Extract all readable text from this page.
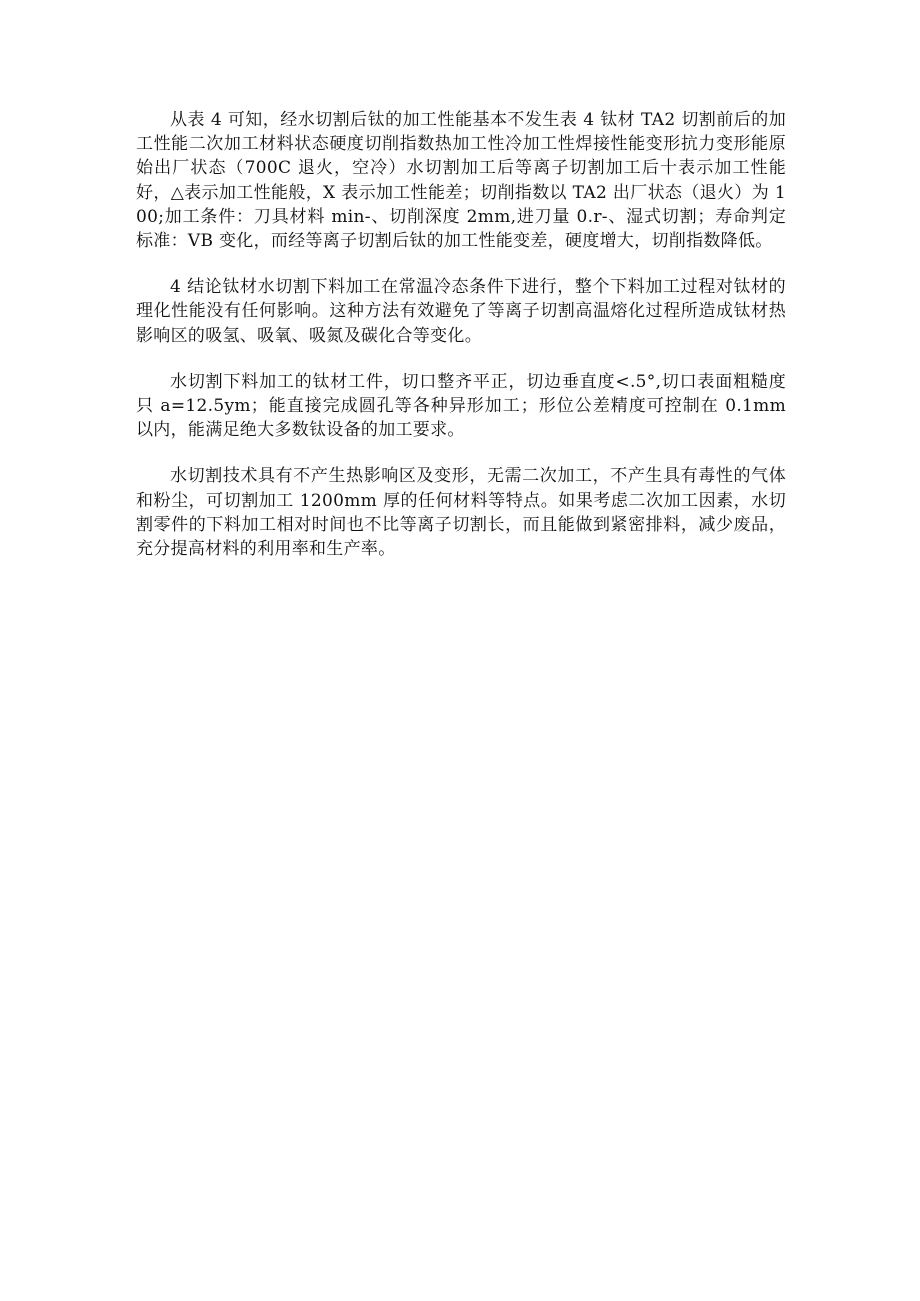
从表 4 可知，经水切割后钛的加工性能基本不发生表 4 钛材 TA2 切割前后的加工性能二次加工材料状态硬度切削指数热加工性冷加工性焊接性能变形抗力变形能原始出厂状态（700C 退火，空冷）水切割加工后等离子切割加工后十表示加工性能好，△表示加工性能般，X 表示加工性能差；切削指数以 TA2 出厂状态（退火）为 100;加工条件：刀具材料 min-、切削深度 2mm,进刀量 0.r-、湿式切割；寿命判定标准：VB 变化，而经等离子切割后钛的加工性能变差，硬度增大，切削指数降低。

4 结论钛材水切割下料加工在常温冷态条件下进行，整个下料加工过程对钛材的理化性能没有任何影响。这种方法有效避免了等离子切割高温熔化过程所造成钛材热影响区的吸氢、吸氧、吸氮及碳化合等变化。

水切割下料加工的钛材工件，切口整齐平正，切边垂直度<.5°,切口表面粗糙度只 a=12.5ym；能直接完成圆孔等各种异形加工；形位公差精度可控制在 0.1mm 以内，能满足绝大多数钛设备的加工要求。

水切割技术具有不产生热影响区及变形，无需二次加工，不产生具有毒性的气体和粉尘，可切割加工 1200mm 厚的任何材料等特点。如果考虑二次加工因素，水切割零件的下料加工相对时间也不比等离子切割长，而且能做到紧密排料，减少废品，充分提高材料的利用率和生产率。
